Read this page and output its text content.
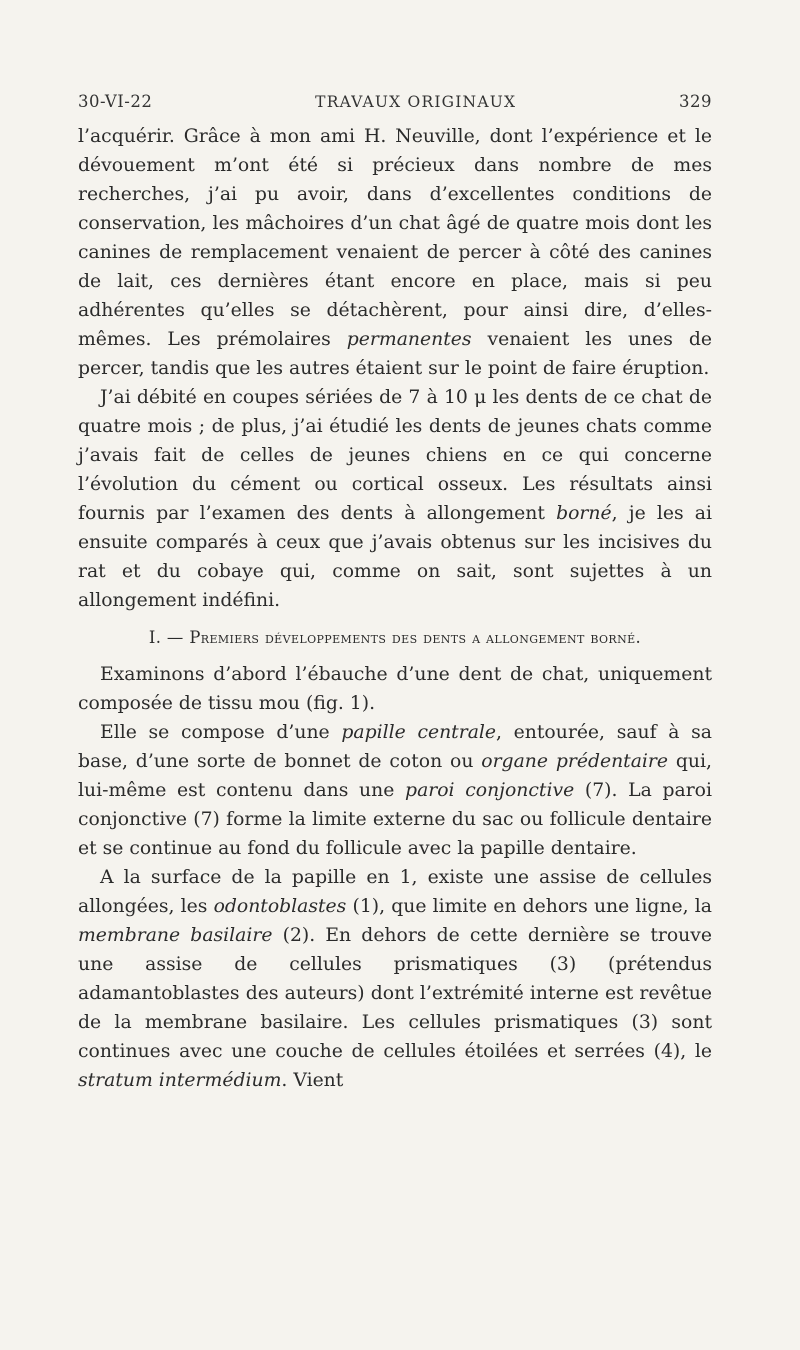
30-VI-22	TRAVAUX ORIGINAUX	329

l’acquérir. Grâce à mon ami H. Neuville, dont l’expérience et le dévouement m’ont été si précieux dans nombre de mes recherches, j’ai pu avoir, dans d’excellentes conditions de conservation, les mâchoires d’un chat âgé de quatre mois dont les canines de remplacement venaient de percer à côté des canines de lait, ces dernières étant encore en place, mais si peu adhérentes qu’elles se détachèrent, pour ainsi dire, d’elles-mêmes. Les prémolaires permanentes venaient les unes de percer, tandis que les autres étaient sur le point de faire éruption.

J’ai débité en coupes sériées de 7 à 10 μ les dents de ce chat de quatre mois ; de plus, j’ai étudié les dents de jeunes chats comme j’avais fait de celles de jeunes chiens en ce qui concerne l’évolution du cément ou cortical osseux. Les résultats ainsi fournis par l’examen des dents à allongement borné, je les ai ensuite comparés à ceux que j’avais obtenus sur les incisives du rat et du cobaye qui, comme on sait, sont sujettes à un allongement indéfini.

I. — Premiers développements des dents a allongement borné.

Examinons d’abord l’ébauche d’une dent de chat, uniquement composée de tissu mou (fig. 1).

Elle se compose d’une papille centrale, entourée, sauf à sa base, d’une sorte de bonnet de coton ou organe prédentaire qui, lui-même est contenu dans une paroi conjonctive (7). La paroi conjonctive (7) forme la limite externe du sac ou follicule dentaire et se continue au fond du follicule avec la papille dentaire.

A la surface de la papille en 1, existe une assise de cellules allongées, les odontoblastes (1), que limite en dehors une ligne, la membrane basilaire (2). En dehors de cette dernière se trouve une assise de cellules prismatiques (3) (prétendus adamantoblastes des auteurs) dont l’extrémité interne est revêtue de la membrane basilaire. Les cellules prismatiques (3) sont continues avec une couche de cellules étoilées et serrées (4), le stratum intermédium. Vient
